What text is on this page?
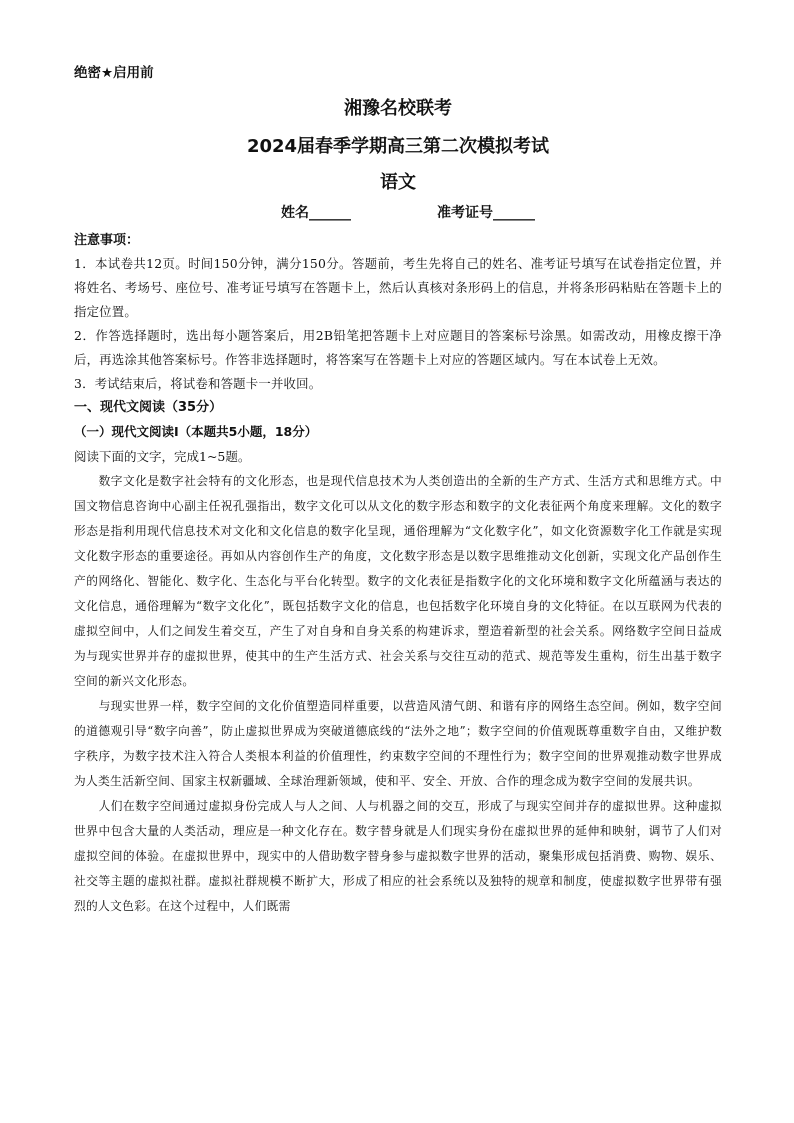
绝密★启用前

湘豫名校联考

2024届春季学期高三第二次模拟考试

语文

姓名______	准考证号______

注意事项：

1．本试卷共12页。时间150分钟，满分150分。答题前，考生先将自己的姓名、准考证号填写在试卷指定位置，并将姓名、考场号、座位号、准考证号填写在答题卡上，然后认真核对条形码上的信息，并将条形码粘贴在答题卡上的指定位置。

2．作答选择题时，选出每小题答案后，用2B铅笔把答题卡上对应题目的答案标号涂黑。如需改动，用橡皮擦干净后，再选涂其他答案标号。作答非选择题时，将答案写在答题卡上对应的答题区域内。写在本试卷上无效。

3．考试结束后，将试卷和答题卡一并收回。

一、现代文阅读（35分）

（一）现代文阅读Ⅰ（本题共5小题，18分）

阅读下面的文字，完成1~5题。

数字文化是数字社会特有的文化形态，也是现代信息技术为人类创造出的全新的生产方式、生活方式和思维方式。中国文物信息咨询中心副主任祝孔强指出，数字文化可以从文化的数字形态和数字的文化表征两个角度来理解。文化的数字形态是指利用现代信息技术对文化和文化信息的数字化呈现，通俗理解为“文化数字化”，如文化资源数字化工作就是实现文化数字形态的重要途径。再如从内容创作生产的角度，文化数字形态是以数字思维推动文化创新，实现文化产品创作生产的网络化、智能化、数字化、生态化与平台化转型。数字的文化表征是指数字化的文化环境和数字文化所蕴涵与表达的文化信息，通俗理解为“数字文化化”，既包括数字文化的信息，也包括数字化环境自身的文化特征。在以互联网为代表的虚拟空间中，人们之间发生着交互，产生了对自身和自身关系的构建诉求，塑造着新型的社会关系。网络数字空间日益成为与现实世界并存的虚拟世界，使其中的生产生活方式、社会关系与交往互动的范式、规范等发生重构，衍生出基于数字空间的新兴文化形态。

与现实世界一样，数字空间的文化价值塑造同样重要，以营造风清气朗、和谐有序的网络生态空间。例如，数字空间的道德观引导“数字向善”，防止虚拟世界成为突破道德底线的“法外之地”；数字空间的价值观既尊重数字自由，又维护数字秩序，为数字技术注入符合人类根本利益的价值理性，约束数字空间的不理性行为；数字空间的世界观推动数字世界成为人类生活新空间、国家主权新疆域、全球治理新领域，使和平、安全、开放、合作的理念成为数字空间的发展共识。

人们在数字空间通过虚拟身份完成人与人之间、人与机器之间的交互，形成了与现实空间并存的虚拟世界。这种虚拟世界中包含大量的人类活动，理应是一种文化存在。数字替身就是人们现实身份在虚拟世界的延伸和映射，调节了人们对虚拟空间的体验。在虚拟世界中，现实中的人借助数字替身参与虚拟数字世界的活动，聚集形成包括消费、购物、娱乐、社交等主题的虚拟社群。虚拟社群规模不断扩大，形成了相应的社会系统以及独特的规章和制度，使虚拟数字世界带有强烈的人文色彩。在这个过程中，人们既需
